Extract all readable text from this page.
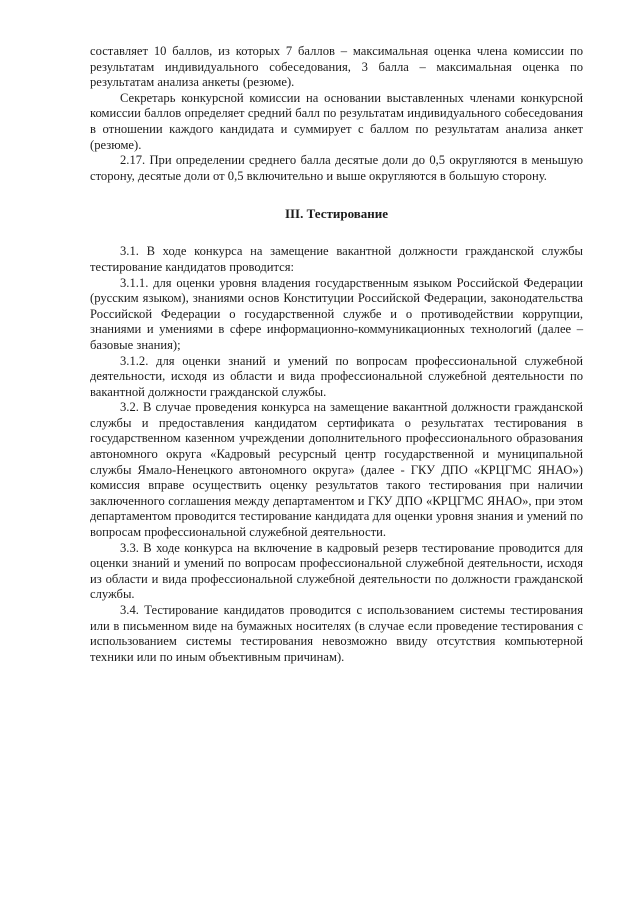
составляет 10 баллов, из которых 7 баллов – максимальная оценка члена комиссии по результатам индивидуального собеседования, 3 балла – максимальная оценка по результатам анализа анкеты (резюме).

Секретарь конкурсной комиссии на основании выставленных членами конкурсной комиссии баллов определяет средний балл по результатам индивидуального собеседования в отношении каждого кандидата и суммирует с баллом по результатам анализа анкет (резюме).

2.17. При определении среднего балла десятые доли до 0,5 округляются в меньшую сторону, десятые доли от 0,5 включительно и выше округляются в большую сторону.

III. Тестирование

3.1. В ходе конкурса на замещение вакантной должности гражданской службы тестирование кандидатов проводится:

3.1.1. для оценки уровня владения государственным языком Российской Федерации (русским языком), знаниями основ Конституции Российской Федерации, законодательства Российской Федерации о государственной службе и о противодействии коррупции, знаниями и умениями в сфере информационно-коммуникационных технологий (далее – базовые знания);

3.1.2. для оценки знаний и умений по вопросам профессиональной служебной деятельности, исходя из области и вида профессиональной служебной деятельности по вакантной должности гражданской службы.

3.2. В случае проведения конкурса на замещение вакантной должности гражданской службы и предоставления кандидатом сертификата о результатах тестирования в государственном казенном учреждении дополнительного профессионального образования автономного округа «Кадровый ресурсный центр государственной и муниципальной службы Ямало-Ненецкого автономного округа» (далее - ГКУ ДПО «КРЦГМС ЯНАО») комиссия вправе осуществить оценку результатов такого тестирования при наличии заключенного соглашения между департаментом и ГКУ ДПО «КРЦГМС ЯНАО», при этом департаментом проводится тестирование кандидата для оценки уровня знания и умений по вопросам профессиональной служебной деятельности.

3.3. В ходе конкурса на включение в кадровый резерв тестирование проводится для оценки знаний и умений по вопросам профессиональной служебной деятельности, исходя из области и вида профессиональной служебной деятельности по должности гражданской службы.

3.4. Тестирование кандидатов проводится с использованием системы тестирования или в письменном виде на бумажных носителях (в случае если проведение тестирования с использованием системы тестирования невозможно ввиду отсутствия компьютерной техники или по иным объективным причинам).
